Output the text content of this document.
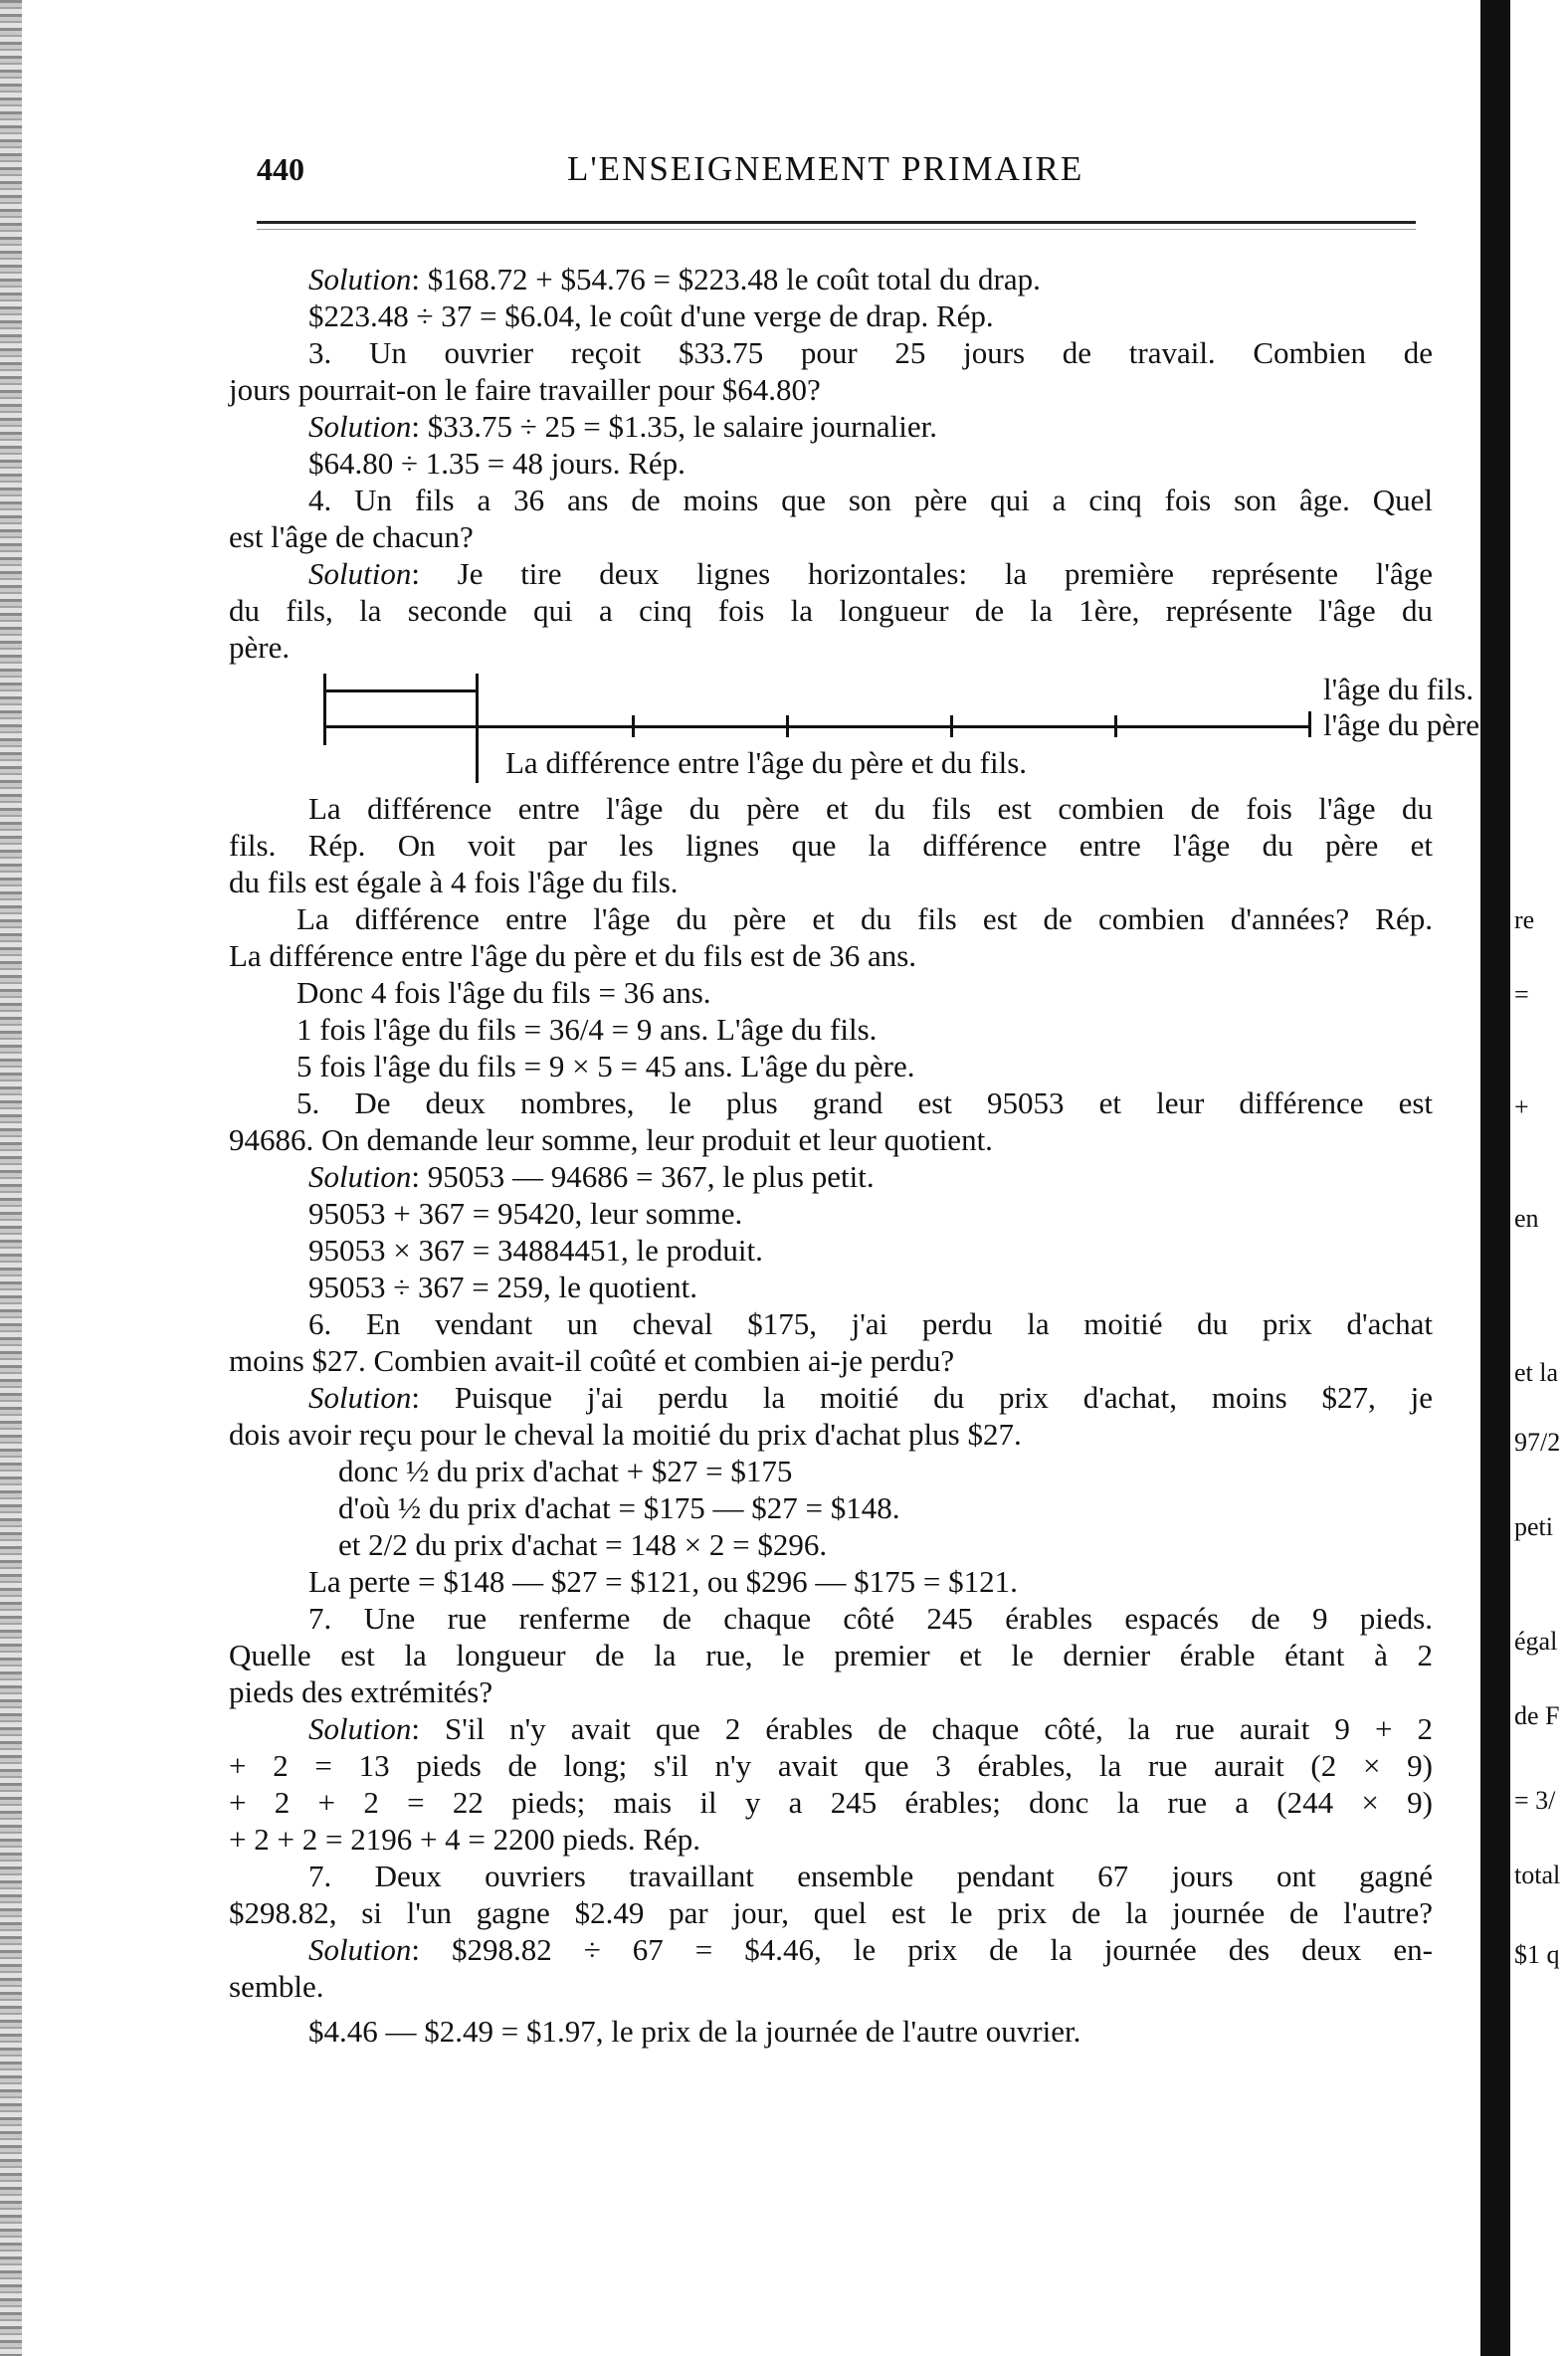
re
=
+
en
et la
97/2
peti
égal
de F
= 3/
total
$1 q
440	L'ENSEIGNEMENT PRIMAIRE

Solution: $168.72 + $54.76 = $223.48 le coût total du drap.

$223.48 ÷ 37 = $6.04, le coût d'une verge de drap. Rép.

3. Un ouvrier reçoit $33.75 pour 25 jours de travail. Combien de

jours pourrait-on le faire travailler pour $64.80?

Solution: $33.75 ÷ 25 = $1.35, le salaire journalier.

$64.80 ÷ 1.35 = 48 jours. Rép.

4. Un fils a 36 ans de moins que son père qui a cinq fois son âge. Quel

est l'âge de chacun?

Solution: Je tire deux lignes horizontales: la première représente l'âge

du fils, la seconde qui a cinq fois la longueur de la 1ère, représente l'âge du

père.

l'âge du fils.
l'âge du père.
La différence entre l'âge du père et du fils.

La différence entre l'âge du père et du fils est combien de fois l'âge du

fils. Rép. On voit par les lignes que la différence entre l'âge du père et

du fils est égale à 4 fois l'âge du fils.

La différence entre l'âge du père et du fils est de combien d'années? Rép.

La différence entre l'âge du père et du fils est de 36 ans.

Donc 4 fois l'âge du fils = 36 ans.

1 fois l'âge du fils = 36/4 = 9 ans. L'âge du fils.

5 fois l'âge du fils = 9 × 5 = 45 ans. L'âge du père.

5. De deux nombres, le plus grand est 95053 et leur différence est

94686. On demande leur somme, leur produit et leur quotient.

Solution: 95053 — 94686 = 367, le plus petit.

95053 + 367 = 95420, leur somme.

95053 × 367 = 34884451, le produit.

95053 ÷ 367 = 259, le quotient.

6. En vendant un cheval $175, j'ai perdu la moitié du prix d'achat

moins $27. Combien avait-il coûté et combien ai-je perdu?

Solution: Puisque j'ai perdu la moitié du prix d'achat, moins $27, je

dois avoir reçu pour le cheval la moitié du prix d'achat plus $27.

donc ½ du prix d'achat + $27 = $175

d'où ½ du prix d'achat = $175 — $27 = $148.

et 2/2 du prix d'achat = 148 × 2 = $296.

La perte = $148 — $27 = $121, ou $296 — $175 = $121.

7. Une rue renferme de chaque côté 245 érables espacés de 9 pieds.

Quelle est la longueur de la rue, le premier et le dernier érable étant à 2

pieds des extrémités?

Solution: S'il n'y avait que 2 érables de chaque côté, la rue aurait 9 + 2

+ 2 = 13 pieds de long; s'il n'y avait que 3 érables, la rue aurait (2 × 9)

+ 2 + 2 = 22 pieds; mais il y a 245 érables; donc la rue a (244 × 9)

+ 2 + 2 = 2196 + 4 = 2200 pieds. Rép.

7. Deux ouvriers travaillant ensemble pendant 67 jours ont gagné

$298.82, si l'un gagne $2.49 par jour, quel est le prix de la journée de l'autre?

Solution: $298.82 ÷ 67 = $4.46, le prix de la journée des deux en-

semble.

$4.46 — $2.49 = $1.97, le prix de la journée de l'autre ouvrier.
